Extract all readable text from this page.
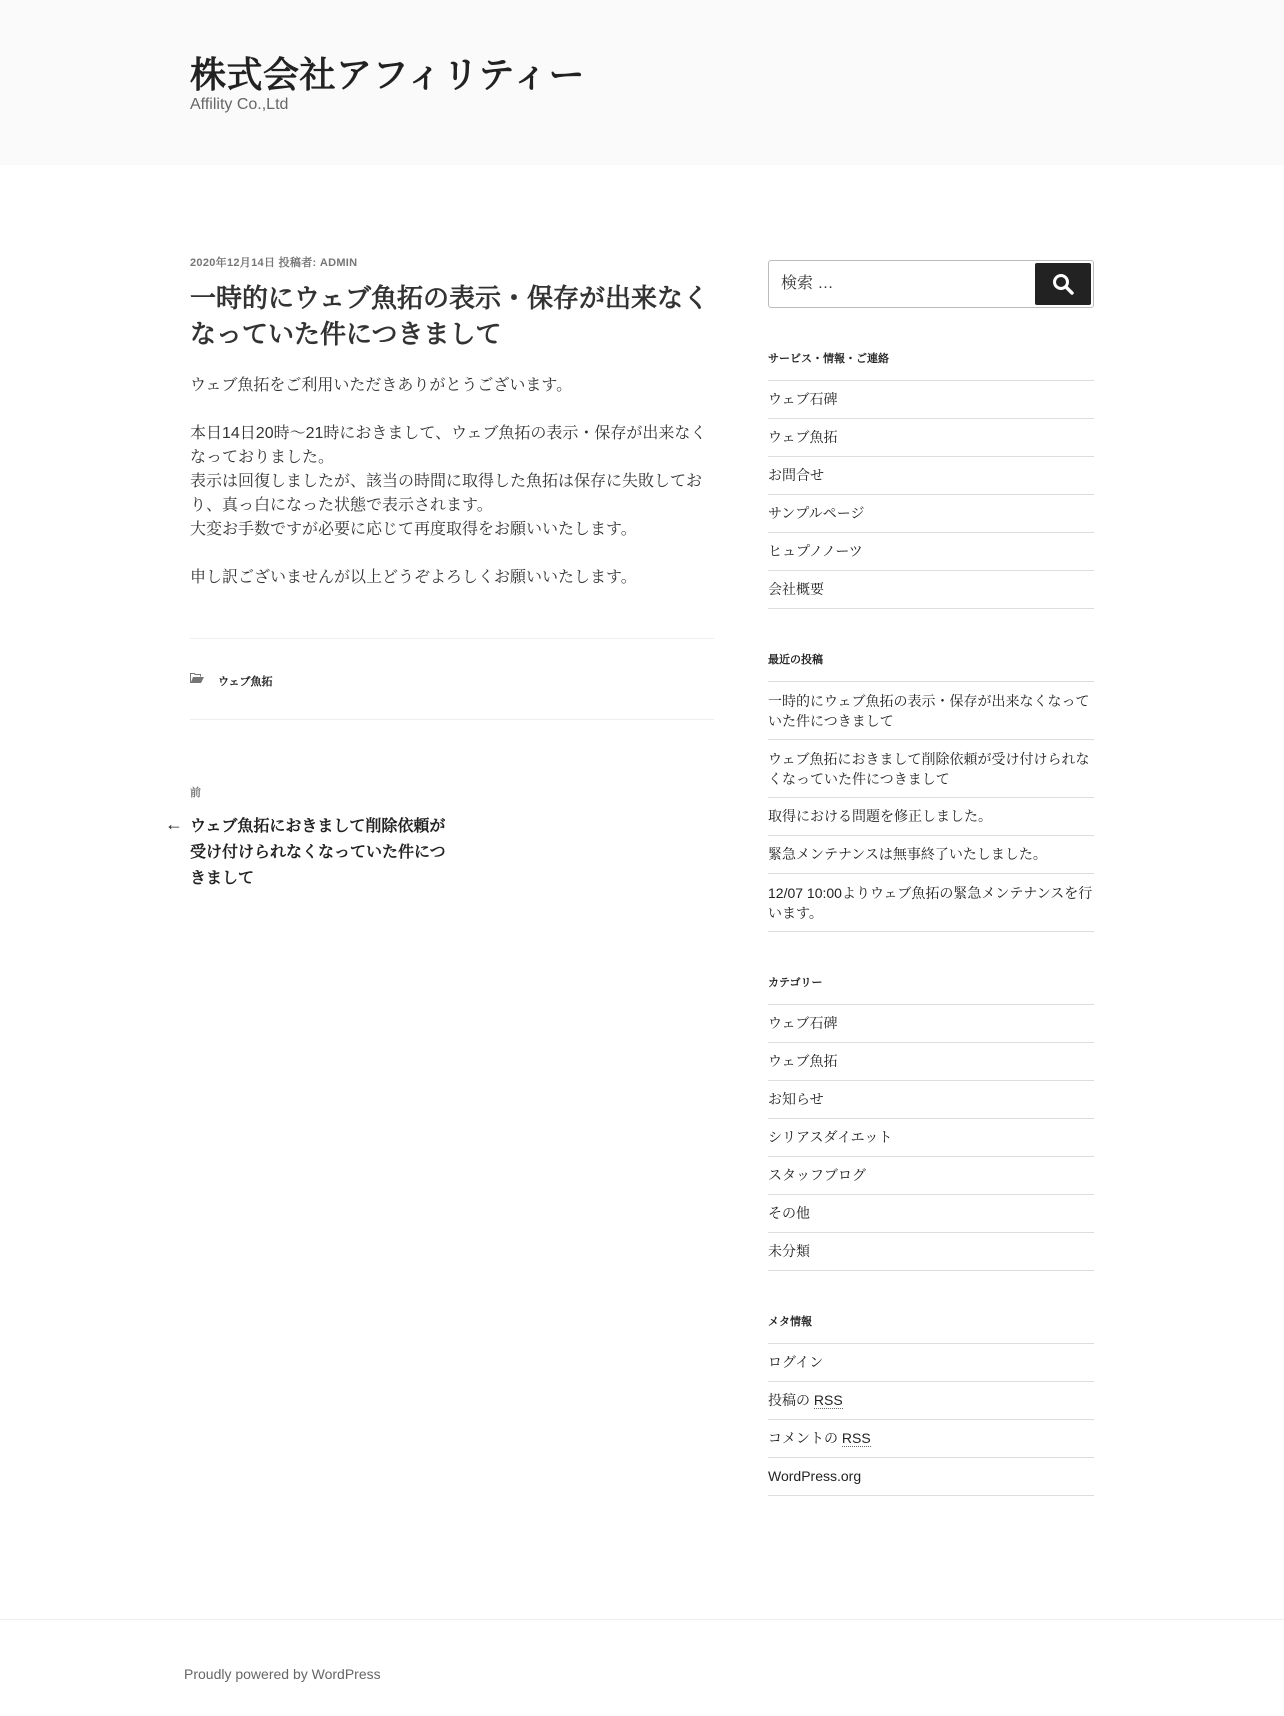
株式会社アフィリティー
Affility Co.,Ltd
2020年12月14日 投稿者: ADMIN
一時的にウェブ魚拓の表示・保存が出来なくなっていた件につきまして

ウェブ魚拓をご利用いただきありがとうございます。

本日14日20時～21時におきまして、ウェブ魚拓の表示・保存が出来なくなっておりました。
表示は回復しましたが、該当の時間に取得した魚拓は保存に失敗しており、真っ白になった状態で表示されます。
大変お手数ですが必要に応じて再度取得をお願いいたします。

申し訳ございませんが以上どうぞよろしくお願いいたします。

ウェブ魚拓
前
← ウェブ魚拓におきまして削除依頼が受け付けられなくなっていた件につきまして
検索 …
サービス・情報・ご連絡
ウェブ石碑
ウェブ魚拓
お問合せ
サンプルページ
ヒュプノノーツ
会社概要
最近の投稿
一時的にウェブ魚拓の表示・保存が出来なくなっていた件につきまして
ウェブ魚拓におきまして削除依頼が受け付けられなくなっていた件につきまして
取得における問題を修正しました。
緊急メンテナンスは無事終了いたしました。
12/07 10:00よりウェブ魚拓の緊急メンテナンスを行います。
カテゴリー
ウェブ石碑
ウェブ魚拓
お知らせ
シリアスダイエット
スタッフブログ
その他
未分類
メタ情報
ログイン
投稿の RSS
コメントの RSS
WordPress.org
Proudly powered by WordPress
